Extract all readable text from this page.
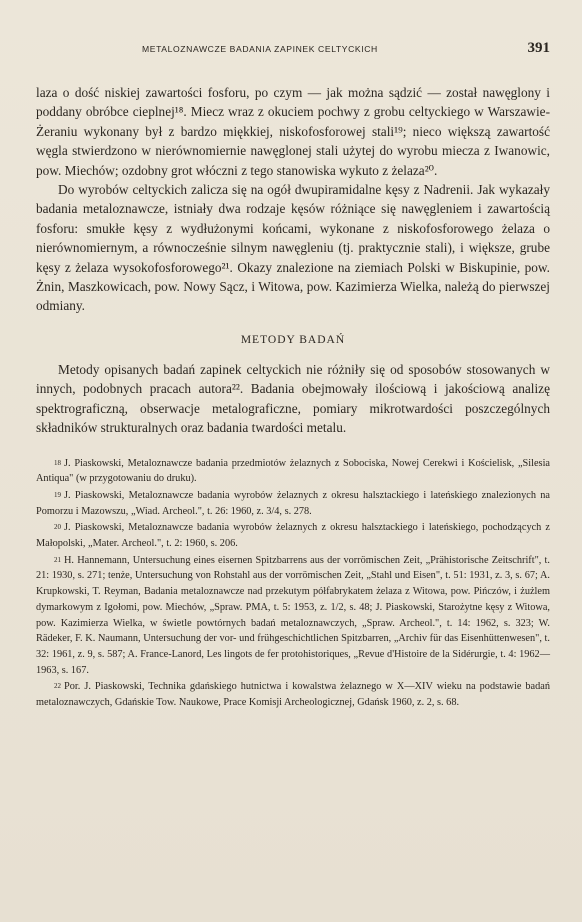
METALOZNAWCZE BADANIA ZAPINEK CELTYCKICH	391

laza o dość niskiej zawartości fosforu, po czym — jak można sądzić — został nawęglony i poddany obróbce cieplnej¹⁸. Miecz wraz z okuciem pochwy z grobu celtyckiego w Warszawie-Żeraniu wykonany był z bardzo miękkiej, niskofosforowej stali¹⁹; nieco większą zawartość węgla stwierdzono w nierównomiernie nawęglonej stali użytej do wyrobu miecza z Iwanowic, pow. Miechów; ozdobny grot włóczni z tego stanowiska wykuto z żelaza²⁰.

Do wyrobów celtyckich zalicza się na ogół dwupiramidalne kęsy z Nadrenii. Jak wykazały badania metaloznawcze, istniały dwa rodzaje kęsów różniące się nawęgleniem i zawartością fosforu: smukłe kęsy z wydłużonymi końcami, wykonane z niskofosforowego żelaza o nierównomiernym, a równocześnie silnym nawęgleniu (tj. praktycznie stali), i większe, grube kęsy z żelaza wysokofosforowego²¹. Okazy znalezione na ziemiach Polski w Biskupinie, pow. Żnin, Maszkowicach, pow. Nowy Sącz, i Witowa, pow. Kazimierza Wielka, należą do pierwszej odmiany.

METODY BADAŃ

Metody opisanych badań zapinek celtyckich nie różniły się od sposobów stosowanych w innych, podobnych pracach autora²². Badania obejmowały ilościową i jakościową analizę spektrograficzną, obserwacje metalograficzne, pomiary mikrotwardości poszczególnych składników strukturalnych oraz badania twardości metalu.

$^{18}$ J. Piaskowski, Metaloznawcze badania przedmiotów żelaznych z Sobociska, Nowej Cerekwi i Kościelisk, „Silesia Antiqua" (w przygotowaniu do druku).

$^{19}$ J. Piaskowski, Metaloznawcze badania wyrobów żelaznych z okresu halsztackiego i lateńskiego znalezionych na Pomorzu i Mazowszu, „Wiad. Archeol.", t. 26: 1960, z. 3/4, s. 278.

$^{20}$ J. Piaskowski, Metaloznawcze badania wyrobów żelaznych z okresu halsztackiego i lateńskiego, pochodzących z Małopolski, „Mater. Archeol.", t. 2: 1960, s. 206.

$^{21}$ H. Hannemann, Untersuchung eines eisernen Spitzbarrens aus der vorrömischen Zeit, „Prähistorische Zeitschrift", t. 21: 1930, s. 271; tenże, Untersuchung von Rohstahl aus der vorrömischen Zeit, „Stahl und Eisen", t. 51: 1931, z. 3, s. 67; A. Krupkowski, T. Reyman, Badania metaloznawcze nad przekutym półfabrykatem żelaza z Witowa, pow. Pińczów, i żużlem dymarkowym z Igołomi, pow. Miechów, „Spraw. PMA, t. 5: 1953, z. 1/2, s. 48; J. Piaskowski, Starożytne kęsy z Witowa, pow. Kazimierza Wielka, w świetle powtórnych badań metaloznawczych, „Spraw. Archeol.", t. 14: 1962, s. 323; W. Rädeker, F. K. Naumann, Untersuchung der vor- und frühgeschichtlichen Spitzbarren, „Archiv für das Eisenhüttenwesen", t. 32: 1961, z. 9, s. 587; A. France-Lanord, Les lingots de fer protohistoriques, „Revue d'Histoire de la Sidérurgie, t. 4: 1962—1963, s. 167.

$^{22}$ Por. J. Piaskowski, Technika gdańskiego hutnictwa i kowalstwa żelaznego w X—XIV wieku na podstawie badań metaloznawczych, Gdańskie Tow. Naukowe, Prace Komisji Archeologicznej, Gdańsk 1960, z. 2, s. 68.
